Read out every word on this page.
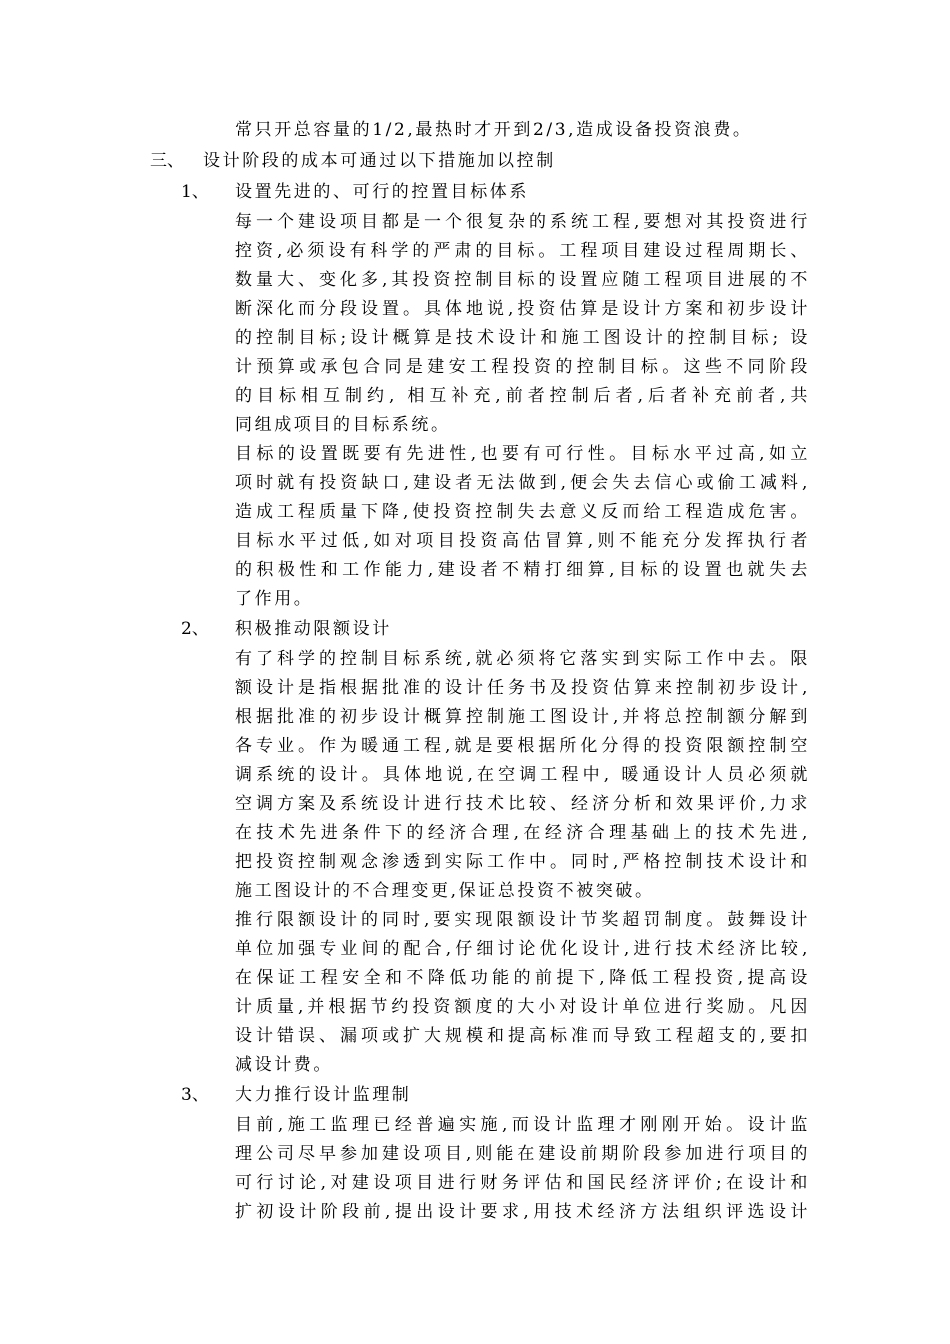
常只开总容量的1/2,最热时才开到2/3,造成设备投资浪费。
三、 设计阶段的成本可通过以下措施加以控制
1、 设置先进的、可行的控置目标体系
每一个建设项目都是一个很复杂的系统工程,要想对其投资进行
控资,必须设有科学的严肃的目标。工程项目建设过程周期长、
数量大、变化多,其投资控制目标的设置应随工程项目进展的不
断深化而分段设置。具体地说,投资估算是设计方案和初步设计
的控制目标;设计概算是技术设计和施工图设计的控制目标; 设
计预算或承包合同是建安工程投资的控制目标。这些不同阶段
的目标相互制约, 相互补充,前者控制后者,后者补充前者,共
同组成项目的目标系统。
目标的设置既要有先进性,也要有可行性。目标水平过高,如立
项时就有投资缺口,建设者无法做到,便会失去信心或偷工减料,
造成工程质量下降,使投资控制失去意义反而给工程造成危害。
目标水平过低,如对项目投资高估冒算,则不能充分发挥执行者
的积极性和工作能力,建设者不精打细算,目标的设置也就失去
了作用。
2、 积极推动限额设计
有了科学的控制目标系统,就必须将它落实到实际工作中去。限
额设计是指根据批准的设计任务书及投资估算来控制初步设计,
根据批准的初步设计概算控制施工图设计,并将总控制额分解到
各专业。作为暖通工程,就是要根据所化分得的投资限额控制空
调系统的设计。具体地说,在空调工程中, 暖通设计人员必须就
空调方案及系统设计进行技术比较、经济分析和效果评价,力求
在技术先进条件下的经济合理,在经济合理基础上的技术先进,
把投资控制观念渗透到实际工作中。同时,严格控制技术设计和
施工图设计的不合理变更,保证总投资不被突破。
推行限额设计的同时,要实现限额设计节奖超罚制度。鼓舞设计
单位加强专业间的配合,仔细讨论优化设计,进行技术经济比较,
在保证工程安全和不降低功能的前提下,降低工程投资,提高设
计质量,并根据节约投资额度的大小对设计单位进行奖励。凡因
设计错误、漏项或扩大规模和提高标准而导致工程超支的,要扣
减设计费。
3、 大力推行设计监理制
目前,施工监理已经普遍实施,而设计监理才刚刚开始。设计监
理公司尽早参加建设项目,则能在建设前期阶段参加进行项目的
可行讨论,对建设项目进行财务评估和国民经济评价;在设计和
扩初设计阶段前,提出设计要求,用技术经济方法组织评选设计
